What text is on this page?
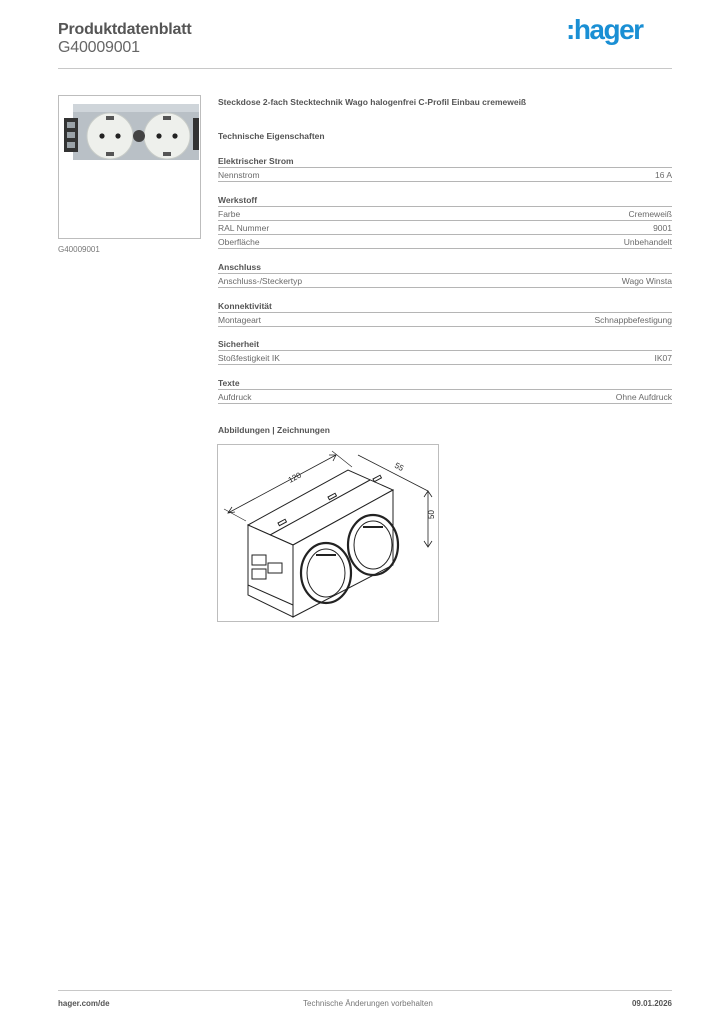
Produktdatenblatt
G40009001
:hager
G40009001
Steckdose 2-fach Stecktechnik Wago halogenfrei C-Profil Einbau cremeweiß
Technische Eigenschaften
Elektrischer Strom
Nennstrom	16 A
Werkstoff
Farbe	Cremeweiß
RAL Nummer	9001
Oberfläche	Unbehandelt
Anschluss
Anschluss-/Steckertyp	Wago Winsta
Konnektivität
Montageart	Schnappbefestigung
Sicherheit
Stoßfestigkeit IK	IK07
Texte
Aufdruck	Ohne Aufdruck
Abbildungen | Zeichnungen
120
55
50
hager.com/de	Technische Änderungen vorbehalten	09.01.2026
